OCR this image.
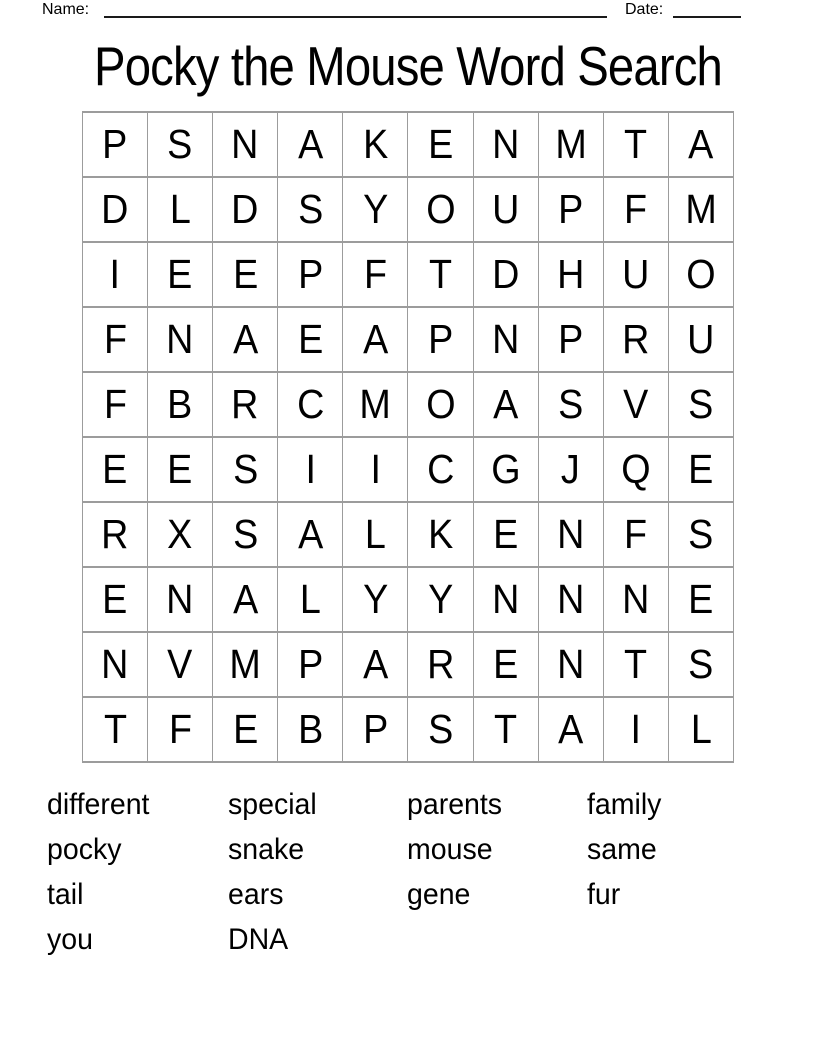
Name:	Date:
Pocky the Mouse Word Search
P	S	N	A	K	E	N	M	T	A
D	L	D	S	Y	O	U	P	F	M
I	E	E	P	F	T	D	H	U	O
F	N	A	E	A	P	N	P	R	U
F	B	R	C	M	O	A	S	V	S
E	E	S	I	I	C	G	J	Q	E
R	X	S	A	L	K	E	N	F	S
E	N	A	L	Y	Y	N	N	N	E
N	V	M	P	A	R	E	N	T	S
T	F	E	B	P	S	T	A	I	L
different
pocky
tail
you
special
snake
ears
DNA
parents
mouse
gene
family
same
fur
